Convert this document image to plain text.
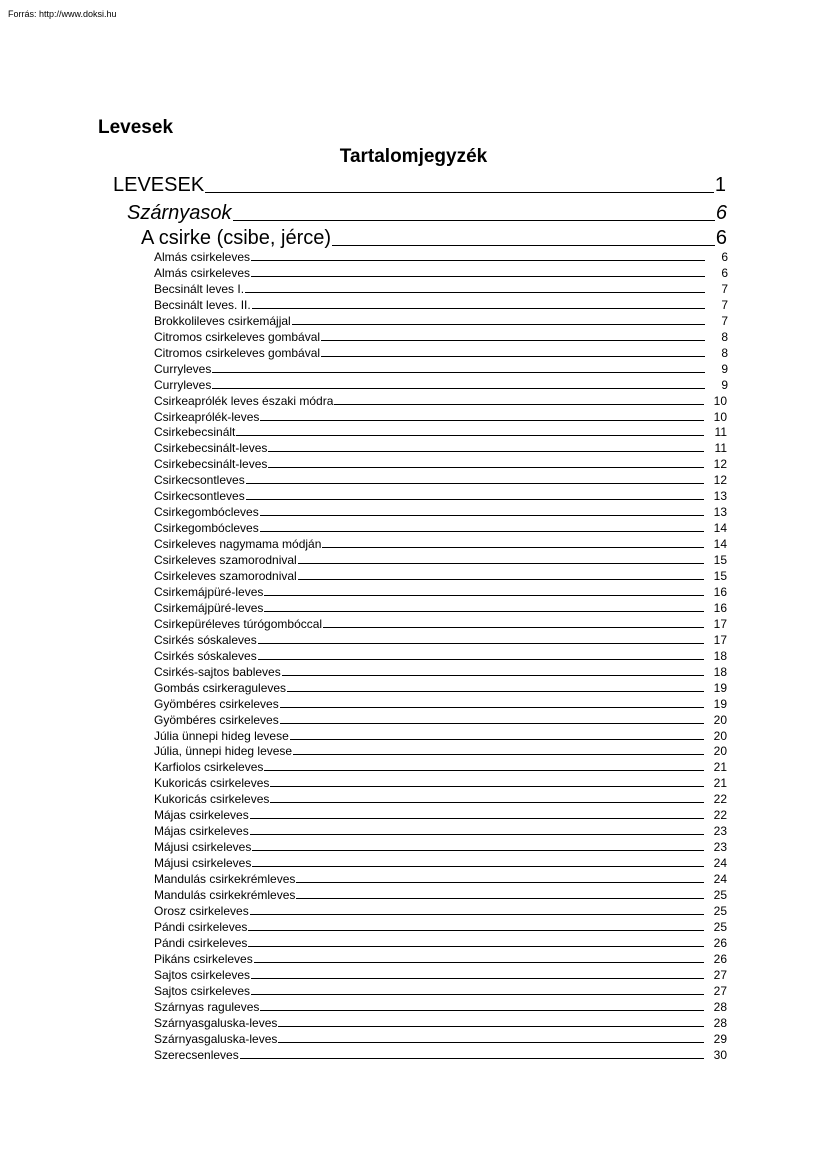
Forrás: http://www.doksi.hu
Levesek
Tartalomjegyzék
LEVESEK	1
Szárnyasok	6
A csirke (csibe, jérce)	6
Almás csirkeleves	6
Almás csirkeleves	6
Becsinált leves I.	7
Becsinált leves. II.	7
Brokkolileves csirkemájjal	7
Citromos csirkeleves gombával	8
Citromos csirkeleves gombával	8
Curryleves	9
Curryleves	9
Csirkeaprólék leves északi módra	10
Csirkeaprólék-leves	10
Csirkebecsinált	11
Csirkebecsinált-leves	11
Csirkebecsinált-leves	12
Csirkecsontleves	12
Csirkecsontleves	13
Csirkegombócleves	13
Csirkegombócleves	14
Csirkeleves nagymama módján	14
Csirkeleves szamorodnival	15
Csirkeleves szamorodnival	15
Csirkemájpüré-leves	16
Csirkemájpüré-leves	16
Csirkepüréleves túrógombóccal	17
Csirkés sóskaleves	17
Csirkés sóskaleves	18
Csirkés-sajtos bableves	18
Gombás csirkeraguleves	19
Gyömbéres csirkeleves	19
Gyömbéres csirkeleves	20
Júlia ünnepi hideg levese	20
Júlia, ünnepi hideg levese	20
Karfiolos csirkeleves	21
Kukoricás csirkeleves	21
Kukoricás csirkeleves	22
Májas csirkeleves	22
Májas csirkeleves	23
Májusi csirkeleves	23
Májusi csirkeleves	24
Mandulás csirkekrémleves	24
Mandulás csirkekrémleves	25
Orosz csirkeleves	25
Pándi csirkeleves	25
Pándi csirkeleves	26
Pikáns csirkeleves	26
Sajtos csirkeleves	27
Sajtos csirkeleves	27
Szárnyas raguleves	28
Szárnyasgaluska-leves	28
Szárnyasgaluska-leves	29
Szerecsenleves	30
